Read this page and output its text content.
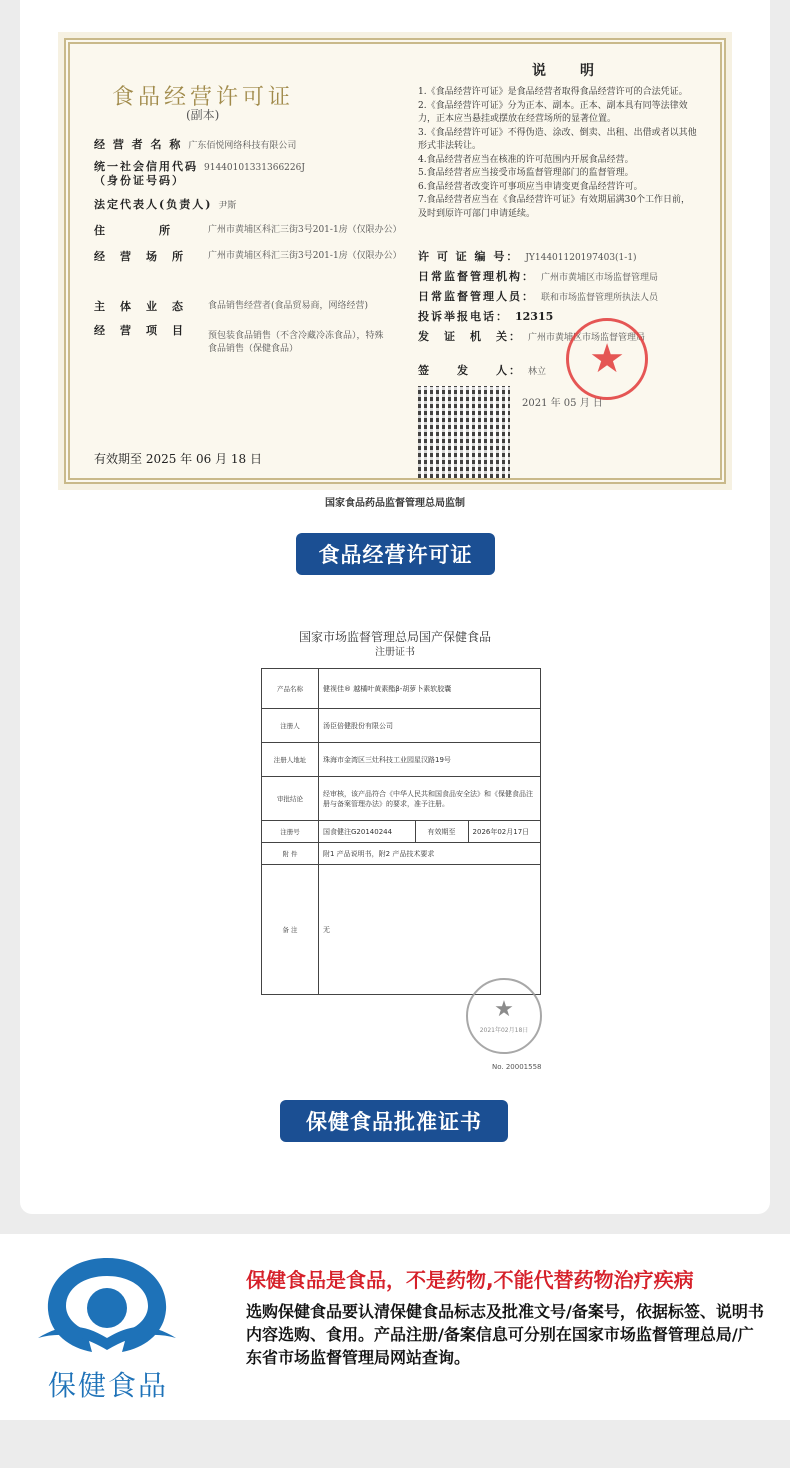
食品经营许可证
(副本)
经 营 者 名 称 广东佰悦网络科技有限公司
统一社会信用代码 91440101331366226J
（身份证号码）
法定代表人(负责人) 尹斯
住　　　　所	广州市黄埔区科汇三街3号201-1房（仅限办公）
经　营　场　所	广州市黄埔区科汇三街3号201-1房（仅限办公）
主　体　业　态	食品销售经营者(食品贸易商，网络经营)
经　营　项　目	预包装食品销售（不含冷藏冷冻食品），特殊食品销售（保健食品）
有效期至 2025 年 06 月 18 日
说　明
1.《食品经营许可证》是食品经营者取得食品经营许可的合法凭证。
2.《食品经营许可证》分为正本、副本。正本、副本具有同等法律效力，正本应当悬挂或摆放在经营场所的显著位置。
3.《食品经营许可证》不得伪造、涂改、倒卖、出租、出借或者以其他形式非法转让。
4.食品经营者应当在核准的许可范围内开展食品经营。
5.食品经营者应当接受市场监督管理部门的监督管理。
6.食品经营者改变许可事项应当申请变更食品经营许可。
7.食品经营者应当在《食品经营许可证》有效期届满30个工作日前，及时到原许可部门申请延续。
许 可 证 编 号： JY14401120197403(1-1)
日常监督管理机构： 广州市黄埔区市场监督管理局
日常监督管理人员： 联和市场监督管理所执法人员
投诉举报电话： 12315
发　证　机　关： 广州市黄埔区市场监督管理局
签　　发　　人： 林立
2021 年 05 月 日
★
国家食品药品监督管理总局监制
食品经营许可证
国家市场监督管理总局国产保健食品
注册证书
产品名称	健视佳® 越橘叶黄素酯β-胡萝卜素软胶囊		
注册人	汤臣倍健股份有限公司		
注册人地址	珠海市金湾区三灶科技工业园星汉路19号		
审批结论	经审核，该产品符合《中华人民共和国食品安全法》和《保健食品注册与备案管理办法》的要求，准予注册。		
注册号	国食健注G20140244	有效期至	2026年02月17日
附 件	附1 产品说明书，附2 产品技术要求		
备 注	无		
★
2021年02月18日
No. 20001558
保健食品批准证书
保健食品
保健食品是食品，不是药物,不能代替药物治疗疾病
选购保健食品要认清保健食品标志及批准文号/备案号，依据标签、说明书内容选购、食用。产品注册/备案信息可分别在国家市场监督管理总局/广东省市场监督管理局网站查询。
